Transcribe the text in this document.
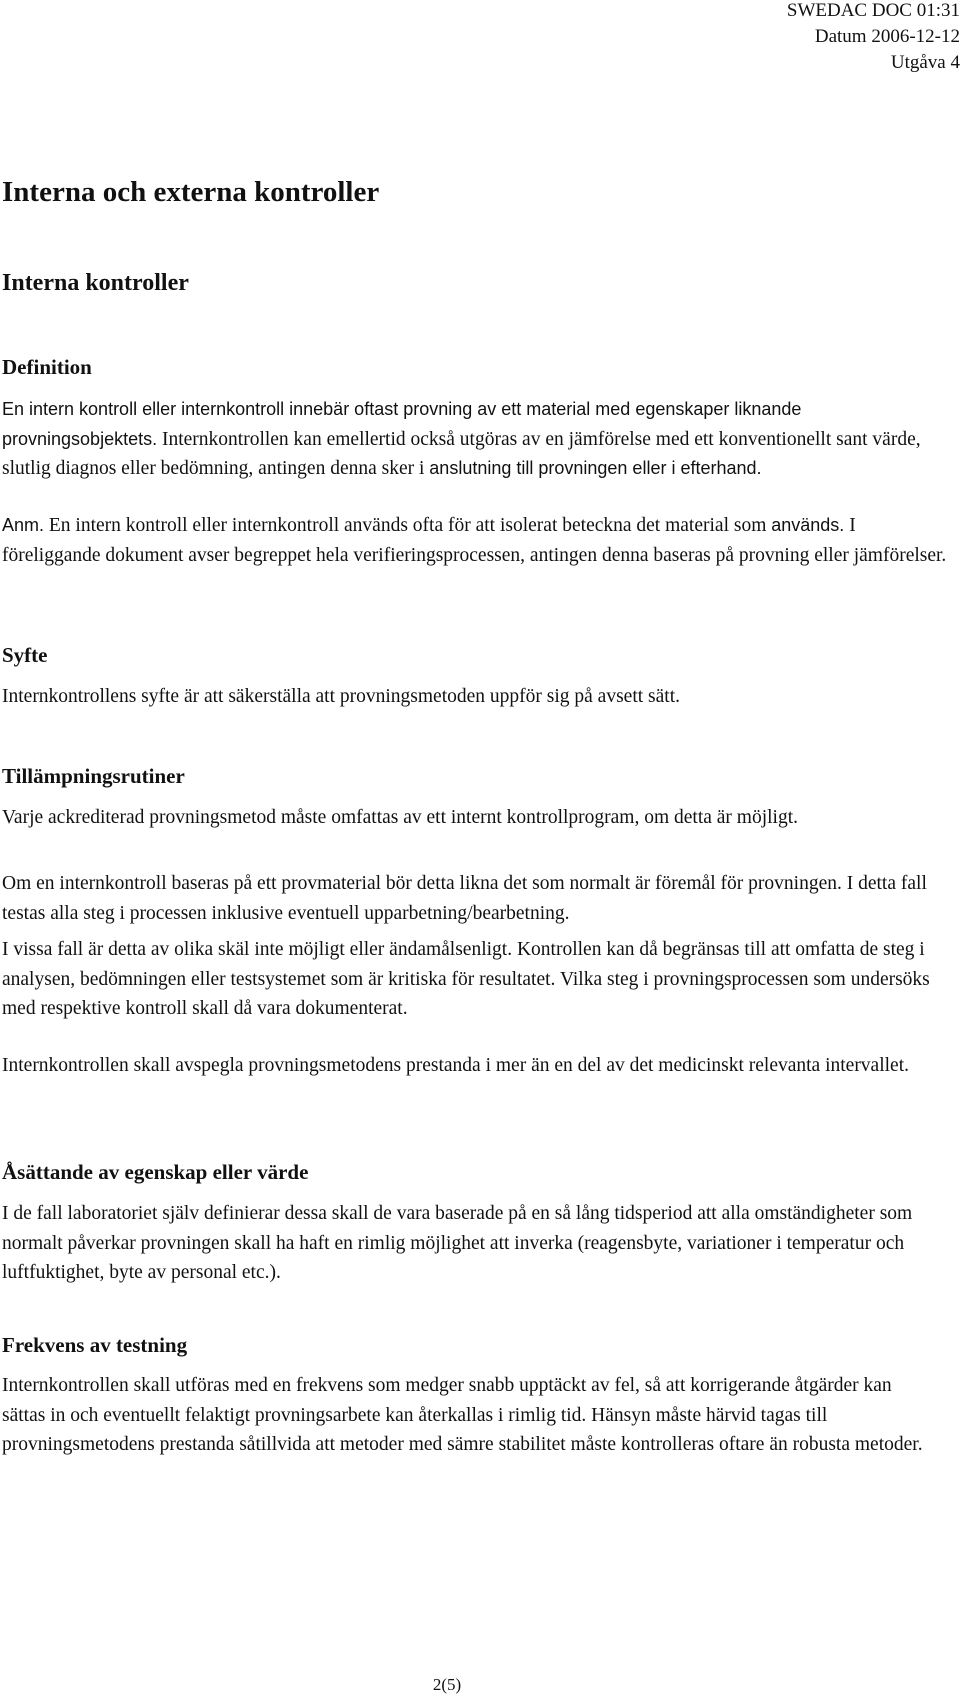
SWEDAC DOC 01:31
Datum 2006-12-12
Utgåva 4
Interna och externa kontroller
Interna kontroller
Definition

En intern kontroll eller internkontroll innebär oftast provning av ett material med egenskaper liknande provningsobjektets. Internkontrollen kan emellertid också utgöras av en jämförelse med ett konventionellt sant värde, slutlig diagnos eller bedömning, antingen denna sker i anslutning till provningen eller i efterhand.

Anm. En intern kontroll eller internkontroll används ofta för att isolerat beteckna det material som används. I föreliggande dokument avser begreppet hela verifieringsprocessen, antingen denna baseras på provning eller jämförelser.

Syfte

Internkontrollens syfte är att säkerställa att provningsmetoden uppför sig på avsett sätt.

Tillämpningsrutiner

Varje ackrediterad provningsmetod måste omfattas av ett internt kontrollprogram, om detta är möjligt.

Om en internkontroll baseras på ett provmaterial bör detta likna det som normalt är föremål för provningen. I detta fall testas alla steg i processen inklusive eventuell upparbetning/bearbetning.

I vissa fall är detta av olika skäl inte möjligt eller ändamålsenligt. Kontrollen kan då begränsas till att omfatta de steg i analysen, bedömningen eller testsystemet som är kritiska för resultatet. Vilka steg i provningsprocessen som undersöks med respektive kontroll skall då vara dokumenterat.

Internkontrollen skall avspegla provningsmetodens prestanda i mer än en del av det medicinskt relevanta intervallet.

Åsättande av egenskap eller värde

I de fall laboratoriet själv definierar dessa skall de vara baserade på en så lång tidsperiod att alla omständigheter som normalt påverkar provningen skall ha haft en rimlig möjlighet att inverka (reagensbyte, variationer i temperatur och luftfuktighet, byte av personal etc.).

Frekvens av testning

Internkontrollen skall utföras med en frekvens som medger snabb upptäckt av fel, så att korrigerande åtgärder kan sättas in och eventuellt felaktigt provningsarbete kan återkallas i rimlig tid. Hänsyn måste härvid tagas till provningsmetodens prestanda såtillvida att metoder med sämre stabilitet måste kontrolleras oftare än robusta metoder.

2(5)
